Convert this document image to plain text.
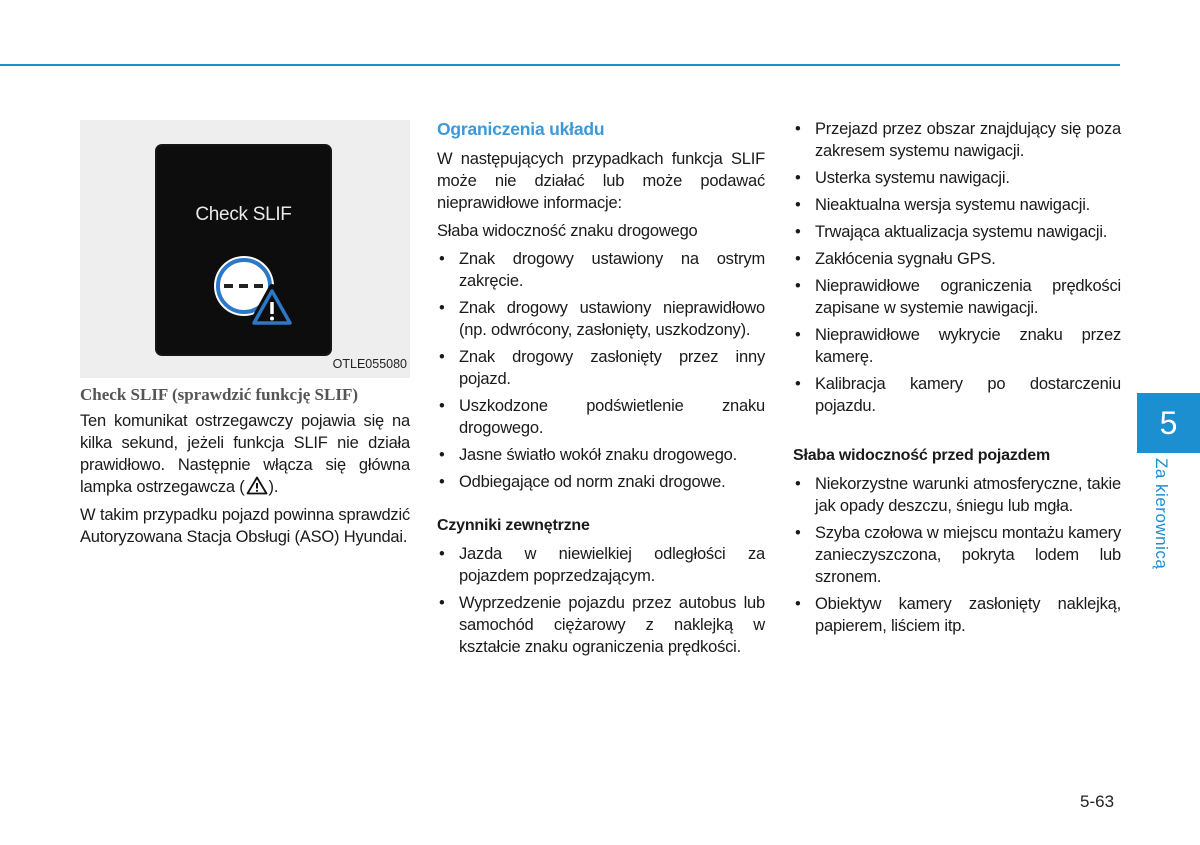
Check SLIF
OTLE055080
Check SLIF (sprawdzić funkcję SLIF)

Ten komunikat ostrzegawczy pojawia się na kilka sekund, jeżeli funkcja SLIF nie działa prawidłowo. Następnie włącza się główna lampka ostrzegawcza ( ).

W takim przypadku pojazd powinna sprawdzić Autoryzowana Stacja Obsługi (ASO) Hyundai.

Ograniczenia układu

W następujących przypadkach funkcja SLIF może nie działać lub może podawać nieprawidłowe informacje:

Słaba widoczność znaku drogowego

• Znak drogowy ustawiony na ostrym zakręcie.
• Znak drogowy ustawiony nieprawidłowo (np. odwrócony, zasłonięty, uszkodzony).
• Znak drogowy zasłonięty przez inny pojazd.
• Uszkodzone podświetlenie znaku drogowego.
• Jasne światło wokół znaku drogowego.
• Odbiegające od norm znaki drogowe.
Czynniki zewnętrzne
• Jazda w niewielkiej odległości za pojazdem poprzedzającym.
• Wyprzedzenie pojazdu przez autobus lub samochód ciężarowy z naklejką w kształcie znaku ograniczenia prędkości.
• Przejazd przez obszar znajdujący się poza zakresem systemu nawigacji.
• Usterka systemu nawigacji.
• Nieaktualna wersja systemu nawigacji.
• Trwająca aktualizacja systemu nawigacji.
• Zakłócenia sygnału GPS.
• Nieprawidłowe ograniczenia prędkości zapisane w systemie nawigacji.
• Nieprawidłowe wykrycie znaku przez kamerę.
• Kalibracja kamery po dostarczeniu pojazdu.
Słaba widoczność przed pojazdem
• Niekorzystne warunki atmosferyczne, takie jak opady deszczu, śniegu lub mgła.
• Szyba czołowa w miejscu montażu kamery zanieczyszczona, pokryta lodem lub szronem.
• Obiektyw kamery zasłonięty naklejką, papierem, liściem itp.
5
Za kierownicą
5-63
